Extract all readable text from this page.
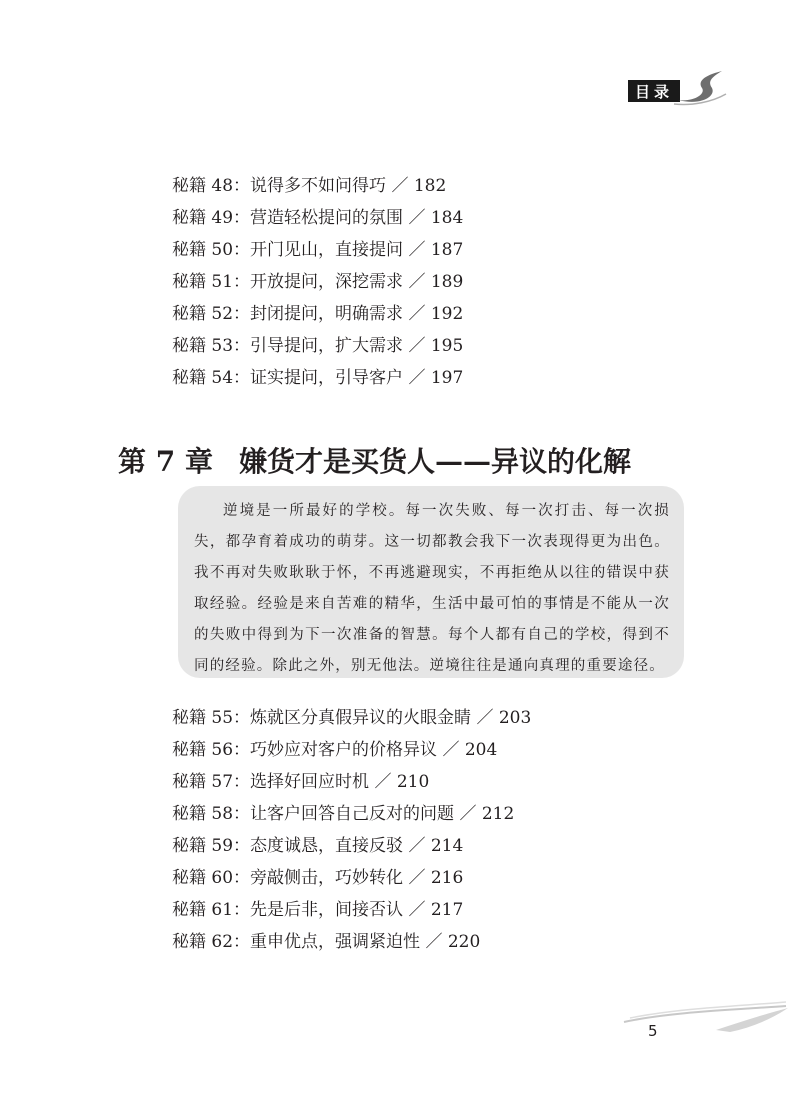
目录
秘籍 48：说得多不如问得巧 ／ 182
秘籍 49：营造轻松提问的氛围 ／ 184
秘籍 50：开门见山，直接提问 ／ 187
秘籍 51：开放提问，深挖需求 ／ 189
秘籍 52：封闭提问，明确需求 ／ 192
秘籍 53：引导提问，扩大需求 ／ 195
秘籍 54：证实提问，引导客户 ／ 197
第 7 章 嫌货才是买货人——异议的化解

逆境是一所最好的学校。每一次失败、每一次打击、每一次损失，都孕育着成功的萌芽。这一切都教会我下一次表现得更为出色。我不再对失败耿耿于怀，不再逃避现实，不再拒绝从以往的错误中获取经验。经验是来自苦难的精华，生活中最可怕的事情是不能从一次的失败中得到为下一次准备的智慧。每个人都有自己的学校，得到不同的经验。除此之外，别无他法。逆境往往是通向真理的重要途径。

秘籍 55：炼就区分真假异议的火眼金睛 ／ 203
秘籍 56：巧妙应对客户的价格异议 ／ 204
秘籍 57：选择好回应时机 ／ 210
秘籍 58：让客户回答自己反对的问题 ／ 212
秘籍 59：态度诚恳，直接反驳 ／ 214
秘籍 60：旁敲侧击，巧妙转化 ／ 216
秘籍 61：先是后非，间接否认 ／ 217
秘籍 62：重申优点，强调紧迫性 ／ 220
5
